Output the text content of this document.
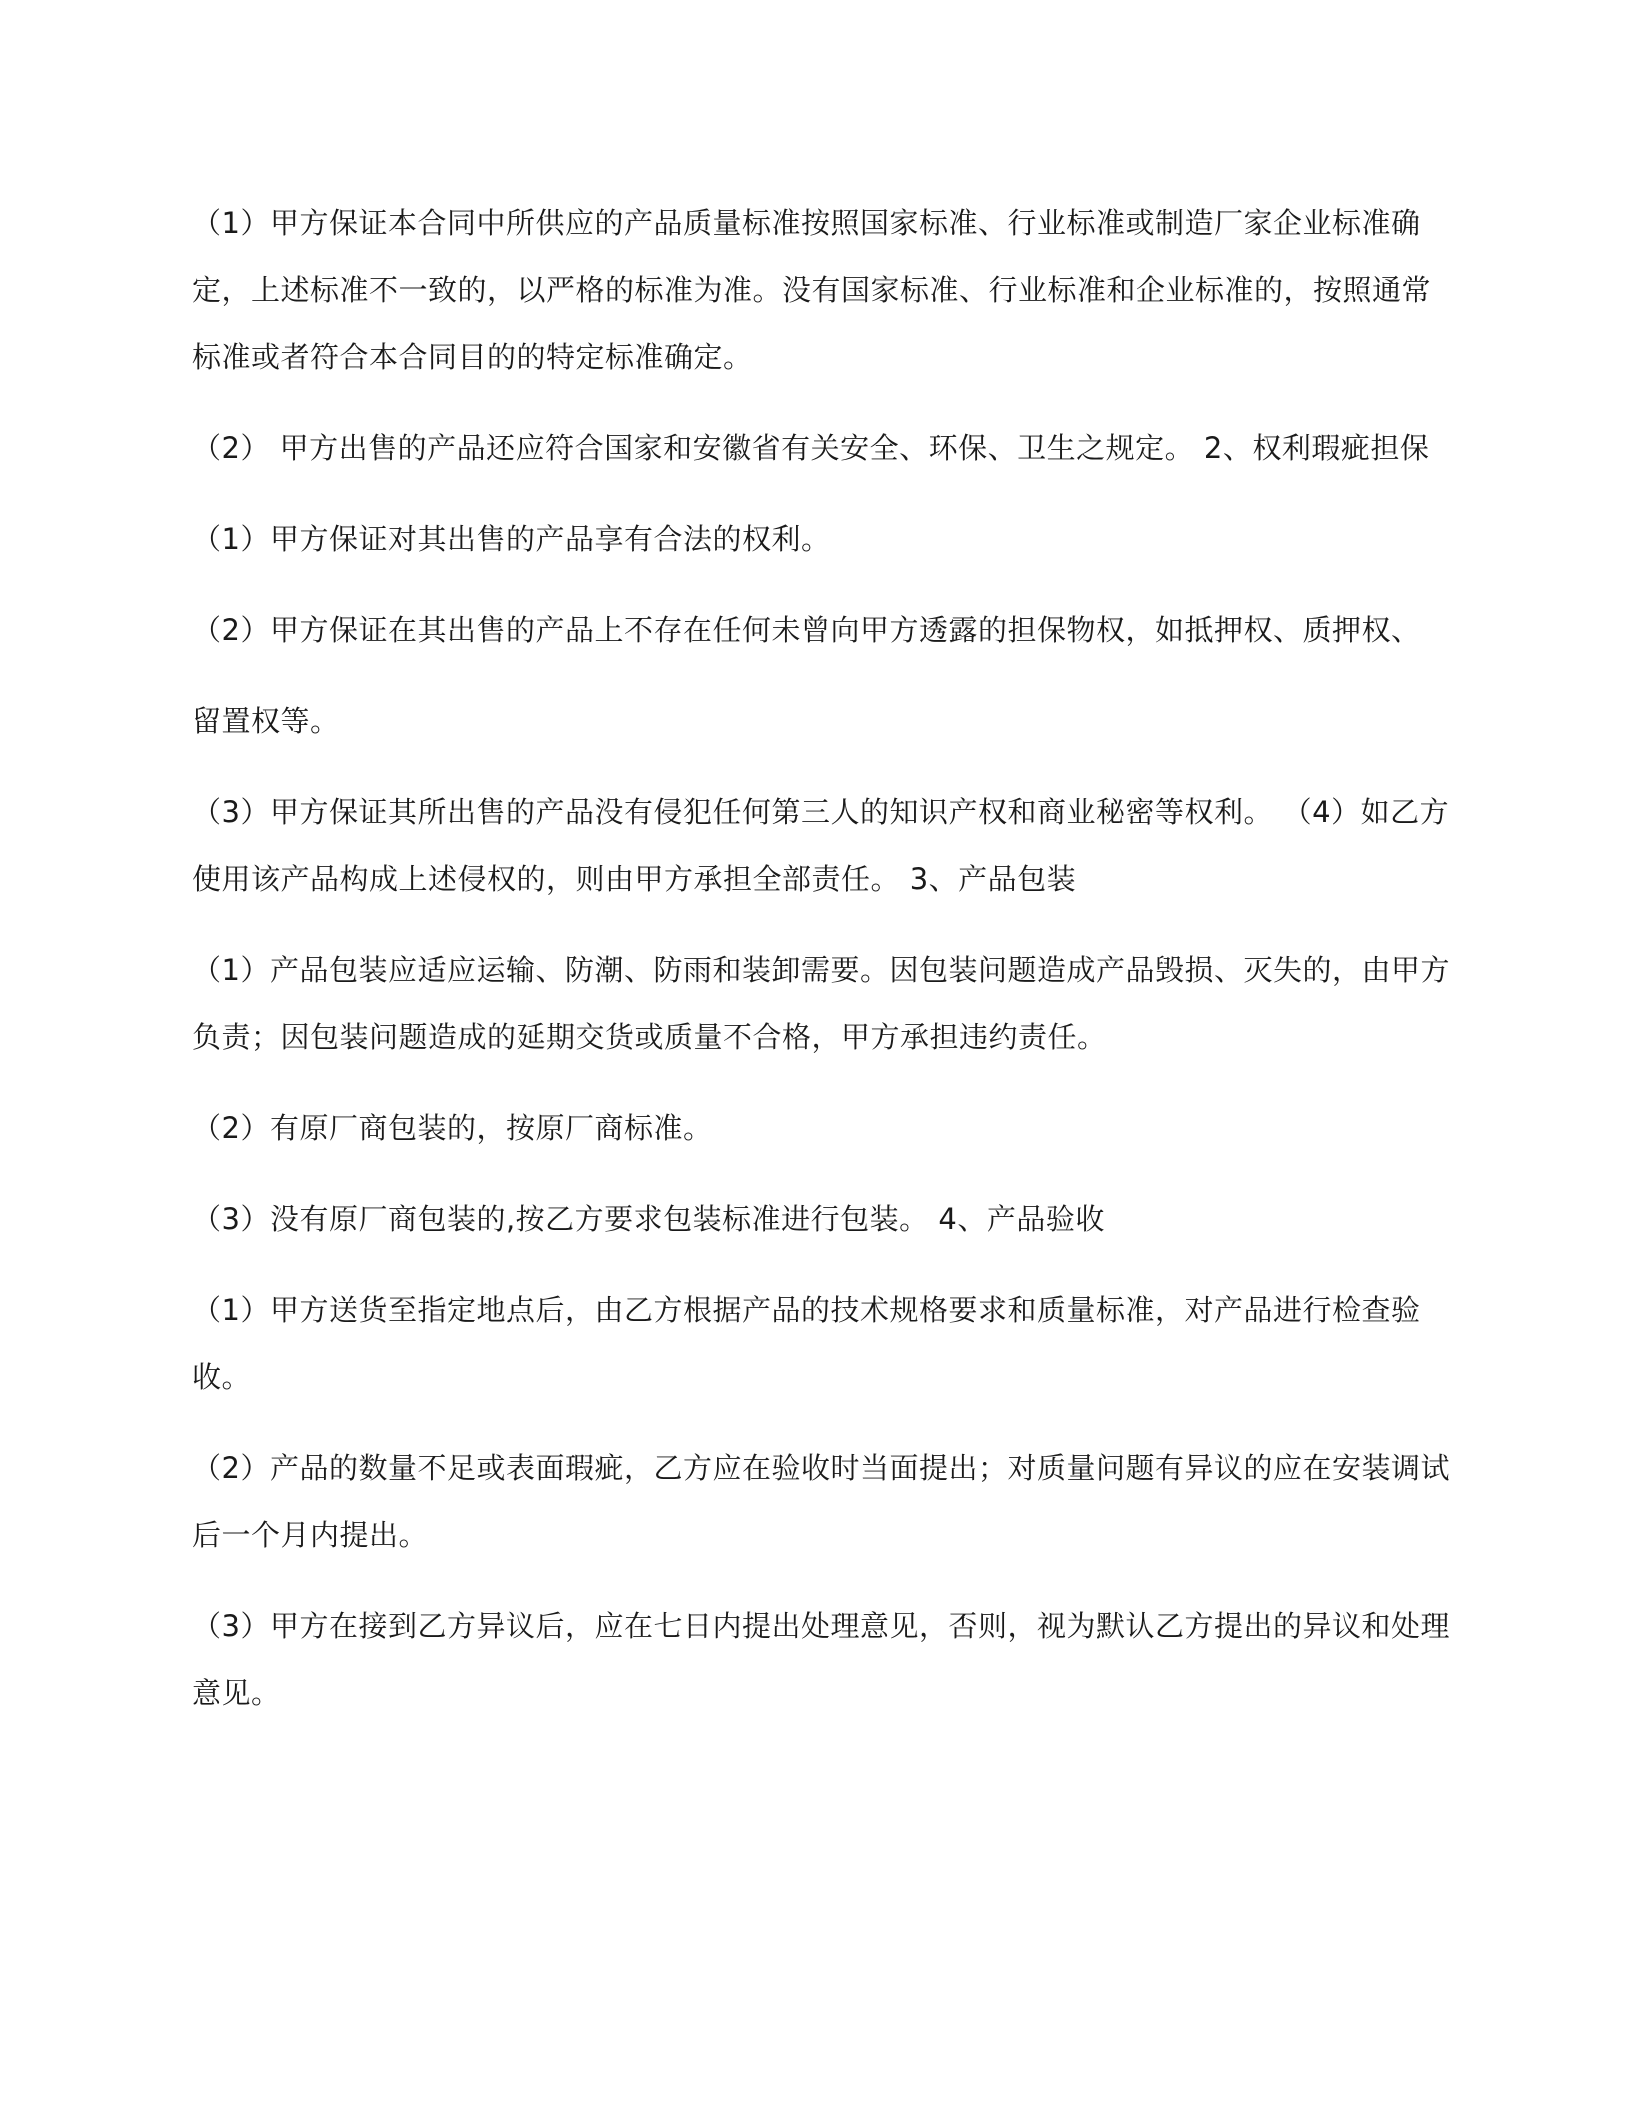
（1）甲方保证本合同中所供应的产品质量标准按照国家标准、行业标准或制造厂家企业标准确定，上述标准不一致的，以严格的标准为准。没有国家标准、行业标准和企业标准的，按照通常标准或者符合本合同目的的特定标准确定。

（2） 甲方出售的产品还应符合国家和安徽省有关安全、环保、卫生之规定。 2、权利瑕疵担保

（1）甲方保证对其出售的产品享有合法的权利。

（2）甲方保证在其出售的产品上不存在任何未曾向甲方透露的担保物权，如抵押权、质押权、

留置权等。

（3）甲方保证其所出售的产品没有侵犯任何第三人的知识产权和商业秘密等权利。 （4）如乙方使用该产品构成上述侵权的，则由甲方承担全部责任。 3、产品包装

（1）产品包装应适应运输、防潮、防雨和装卸需要。因包装问题造成产品毁损、灭失的，由甲方负责；因包装问题造成的延期交货或质量不合格，甲方承担违约责任。

（2）有原厂商包装的，按原厂商标准。

（3）没有原厂商包装的,按乙方要求包装标准进行包装。 4、产品验收

（1）甲方送货至指定地点后，由乙方根据产品的技术规格要求和质量标准，对产品进行检查验收。

（2）产品的数量不足或表面瑕疵，乙方应在验收时当面提出；对质量问题有异议的应在安装调试后一个月内提出。

（3）甲方在接到乙方异议后，应在七日内提出处理意见，否则，视为默认乙方提出的异议和处理意见。
